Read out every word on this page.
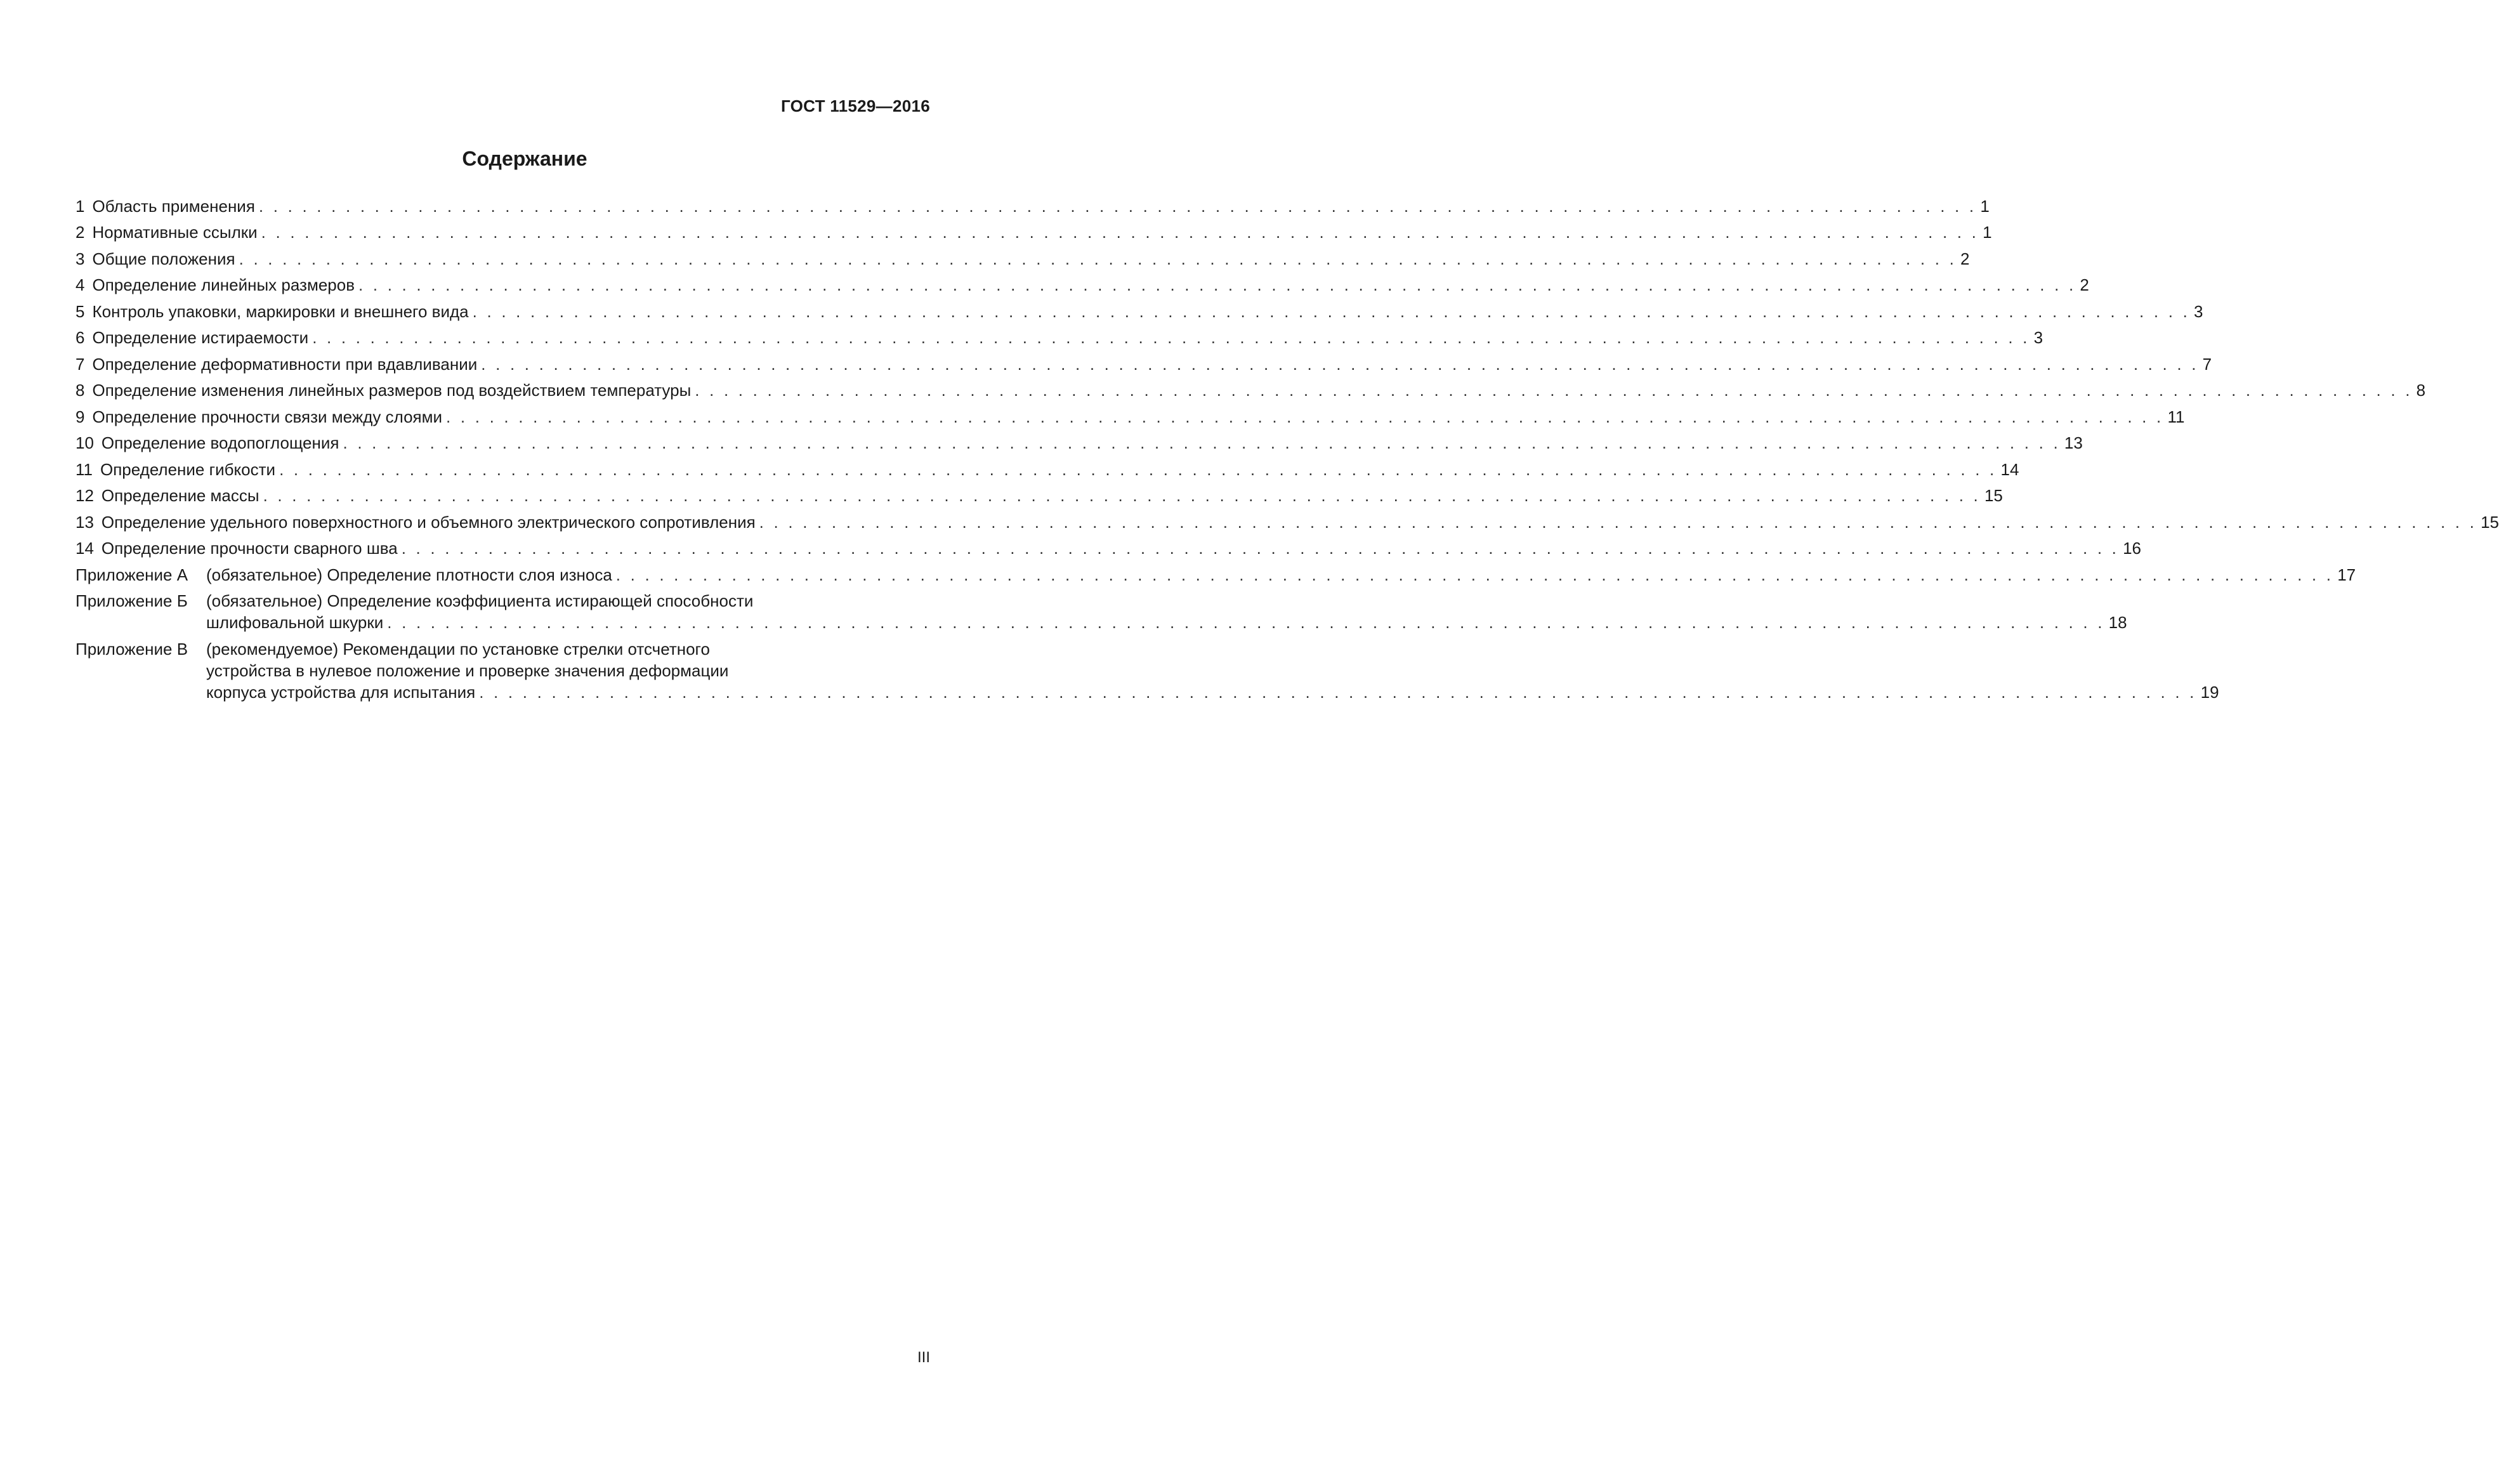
ГОСТ 11529—2016
Содержание
1 Область применения . . .	1
2 Нормативные ссылки . . .	1
3 Общие положения . . .	2
4 Определение линейных размеров . . .	2
5 Контроль упаковки, маркировки и внешнего вида . . .	3
6 Определение истираемости . . .	3
7 Определение деформативности при вдавливании . . .	7
8 Определение изменения линейных размеров под воздействием температуры . . .	8
9 Определение прочности связи между слоями . . .	11
10 Определение водопоглощения . . .	13
11 Определение гибкости . . .	14
12 Определение массы . . .	15
13 Определение удельного поверхностного и объемного электрического сопротивления . . .	15
14 Определение прочности сварного шва . . .	16
Приложение А	(обязательное) Определение плотности слоя износа . . .	17
Приложение Б	(обязательное) Определение коэффициента истирающей способности
шлифовальной шкурки . . .	18
Приложение В	(рекомендуемое) Рекомендации по установке стрелки отсчетного
устройства в нулевое положение и проверке значения деформации
корпуса устройства для испытания . . .	19
III
